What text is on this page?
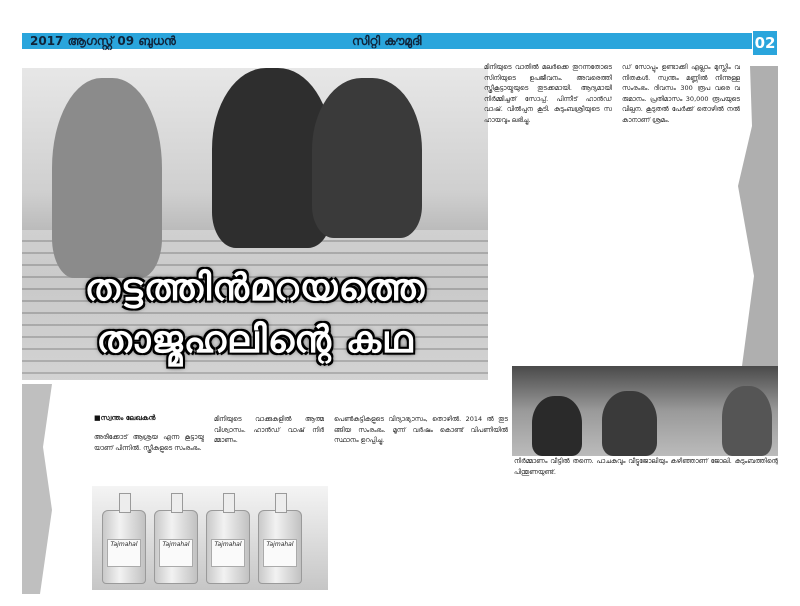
2017 ആഗസ്റ്റ് 09 ബുധൻ	സിറ്റി കൗമുദി	02
തട്ടത്തിൻമറയത്തെ
താജ്മഹലിന്റെ കഥ
മിനിയുടെ വാതിൽ മലർക്കെ തുറന്നതോടെ സിനിയുടെ ഉപജീവനം. അവരെത്തി സ്ത്രീകൂട്ടായ്മയുടെ തുടക്കമായി. ആദ്യമായി നിർമ്മിച്ചത് സോപ്പ്. പിന്നീട് ഹാൻഡ് വാഷ്. വിൽപ്പന കൂടി. കുടുംബശ്രീയുടെ സഹായവും ലഭിച്ചു.
ഡ് സോപ്പും ഉണ്ടാക്കി എല്ലാം മുസ്ലിം വനിതകൾ. സ്വന്തം മണ്ണിൽ നിന്നുള്ള സംരംഭം. ദിവസം 300 രൂപ വരെ വരുമാനം. പ്രതിമാസം 30,000 രൂപയുടെ വില്പന. കൂടുതൽ പേർക്ക് തൊഴിൽ നൽകാനാണ് ശ്രമം.
■സ്വന്തം ലേഖകൻ
അരീക്കോട് ആശ്രയ എന്ന കൂട്ടായ്മയാണ് പിന്നിൽ. സ്ത്രീകളുടെ സംരംഭം.
മിനിയുടെ വാക്കുകളിൽ ആത്മവിശ്വാസം. ഹാൻഡ് വാഷ് നിർമ്മാണം.
പെൺകുട്ടികളുടെ വിദ്യാഭ്യാസം, തൊഴിൽ. 2014 ൽ തുടങ്ങിയ സംരംഭം. മൂന്ന് വർഷം കൊണ്ട് വിപണിയിൽ സ്ഥാനം ഉറപ്പിച്ചു.
Tajmahal	Tajmahal	Tajmahal	Tajmahal
നിർമ്മാണം വീട്ടിൽ തന്നെ. പാചകവും വീട്ടുജോലിയും കഴിഞ്ഞാണ് ജോലി. കുടുംബത്തിന്റെ പിന്തുണയുണ്ട്.
